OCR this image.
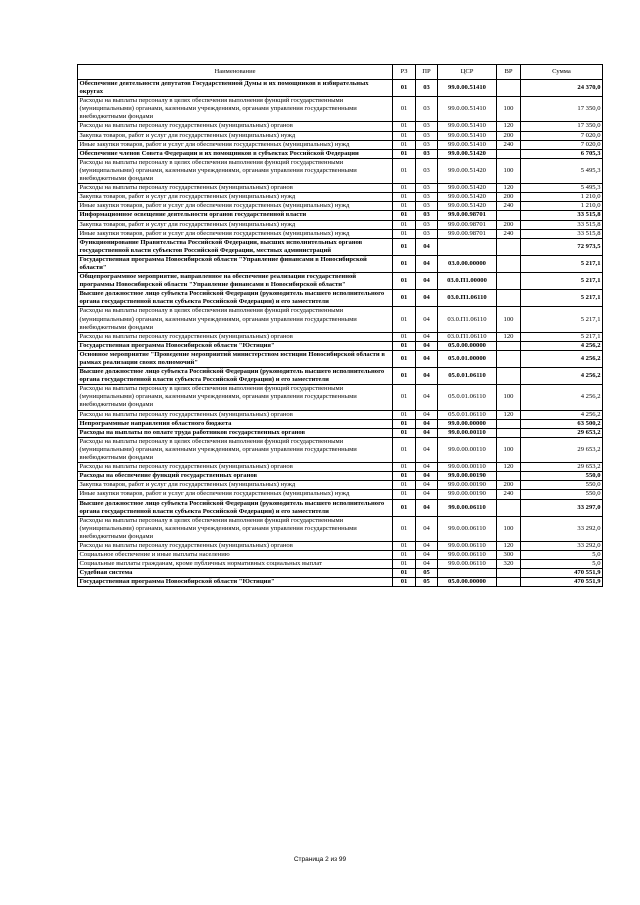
Наименование	РЗ	ПР	ЦСР	ВР	Сумма
Обеспечение деятельности депутатов Государственной Думы и их помощников в избирательных округах	01	03	99.0.00.51410		24 370,0
Расходы на выплаты персоналу в целях обеспечения выполнения функций государственными (муниципальными) органами, казенными учреждениями, органами управления государственными внебюджетными фондами	01	03	99.0.00.51410	100	17 350,0
Расходы на выплаты персоналу государственных (муниципальных) органов	01	03	99.0.00.51410	120	17 350,0
Закупка товаров, работ и услуг для государственных (муниципальных) нужд	01	03	99.0.00.51410	200	7 020,0
Иные закупки товаров, работ и услуг для обеспечения государственных (муниципальных) нужд	01	03	99.0.00.51410	240	7 020,0
Обеспечение членов Совета Федерации и их помощников в субъектах Российской Федерации	01	03	99.0.00.51420		6 705,3
Расходы на выплаты персоналу в целях обеспечения выполнения функций государственными (муниципальными) органами, казенными учреждениями, органами управления государственными внебюджетными фондами	01	03	99.0.00.51420	100	5 495,3
Расходы на выплаты персоналу государственных (муниципальных) органов	01	03	99.0.00.51420	120	5 495,3
Закупка товаров, работ и услуг для государственных (муниципальных) нужд	01	03	99.0.00.51420	200	1 210,0
Иные закупки товаров, работ и услуг для обеспечения государственных (муниципальных) нужд	01	03	99.0.00.51420	240	1 210,0
Информационное освещение деятельности органов государственной власти	01	03	99.0.00.98701		33 515,8
Закупка товаров, работ и услуг для государственных (муниципальных) нужд	01	03	99.0.00.98701	200	33 515,8
Иные закупки товаров, работ и услуг для обеспечения государственных (муниципальных) нужд	01	03	99.0.00.98701	240	33 515,8
Функционирование Правительства Российской Федерации, высших исполнительных органов государственной власти субъектов Российской Федерации, местных администраций	01	04			72 973,5
Государственная программа Новосибирской области "Управление финансами в Новосибирской области"	01	04	03.0.00.00000		5 217,1
Общепрограммное мероприятие, направленное на обеспечение реализации государственной программы Новосибирской области "Управление финансами в Новосибирской области"	01	04	03.0.П1.00000		5 217,1
Высшее должностное лицо субъекта Российской Федерации (руководитель высшего исполнительного органа государственной власти субъекта Российской Федерации) и его заместители	01	04	03.0.П1.06110		5 217,1
Расходы на выплаты персоналу в целях обеспечения выполнения функций государственными (муниципальными) органами, казенными учреждениями, органами управления государственными внебюджетными фондами	01	04	03.0.П1.06110	100	5 217,1
Расходы на выплаты персоналу государственных (муниципальных) органов	01	04	03.0.П1.06110	120	5 217,1
Государственная программа Новосибирской области "Юстиция"	01	04	05.0.00.00000		4 256,2
Основное мероприятие "Проведение мероприятий министерством юстиции Новосибирской области в рамках реализации своих полномочий"	01	04	05.0.01.00000		4 256,2
Высшее должностное лицо субъекта Российской Федерации (руководитель высшего исполнительного органа государственной власти субъекта Российской Федерации) и его заместители	01	04	05.0.01.06110		4 256,2
Расходы на выплаты персоналу в целях обеспечения выполнения функций государственными (муниципальными) органами, казенными учреждениями, органами управления государственными внебюджетными фондами	01	04	05.0.01.06110	100	4 256,2
Расходы на выплаты персоналу государственных (муниципальных) органов	01	04	05.0.01.06110	120	4 256,2
Непрограммные направления областного бюджета	01	04	99.0.00.00000		63 500,2
Расходы на выплаты по оплате труда работников государственных органов	01	04	99.0.00.00110		29 653,2
Расходы на выплаты персоналу в целях обеспечения выполнения функций государственными (муниципальными) органами, казенными учреждениями, органами управления государственными внебюджетными фондами	01	04	99.0.00.00110	100	29 653,2
Расходы на выплаты персоналу государственных (муниципальных) органов	01	04	99.0.00.00110	120	29 653,2
Расходы на обеспечение функций государственных органов	01	04	99.0.00.00190		550,0
Закупка товаров, работ и услуг для государственных (муниципальных) нужд	01	04	99.0.00.00190	200	550,0
Иные закупки товаров, работ и услуг для обеспечения государственных (муниципальных) нужд	01	04	99.0.00.00190	240	550,0
Высшее должностное лицо субъекта Российской Федерации (руководитель высшего исполнительного органа государственной власти субъекта Российской Федерации) и его заместители	01	04	99.0.00.06110		33 297,0
Расходы на выплаты персоналу в целях обеспечения выполнения функций государственными (муниципальными) органами, казенными учреждениями, органами управления государственными внебюджетными фондами	01	04	99.0.00.06110	100	33 292,0
Расходы на выплаты персоналу государственных (муниципальных) органов	01	04	99.0.00.06110	120	33 292,0
Социальное обеспечение и иные выплаты населению	01	04	99.0.00.06110	300	5,0
Социальные выплаты гражданам, кроме публичных нормативных социальных выплат	01	04	99.0.00.06110	320	5,0
Судебная система	01	05			470 551,9
Государственная программа Новосибирской области "Юстиция"	01	05	05.0.00.00000		470 551,9
Страница 2 из 99
